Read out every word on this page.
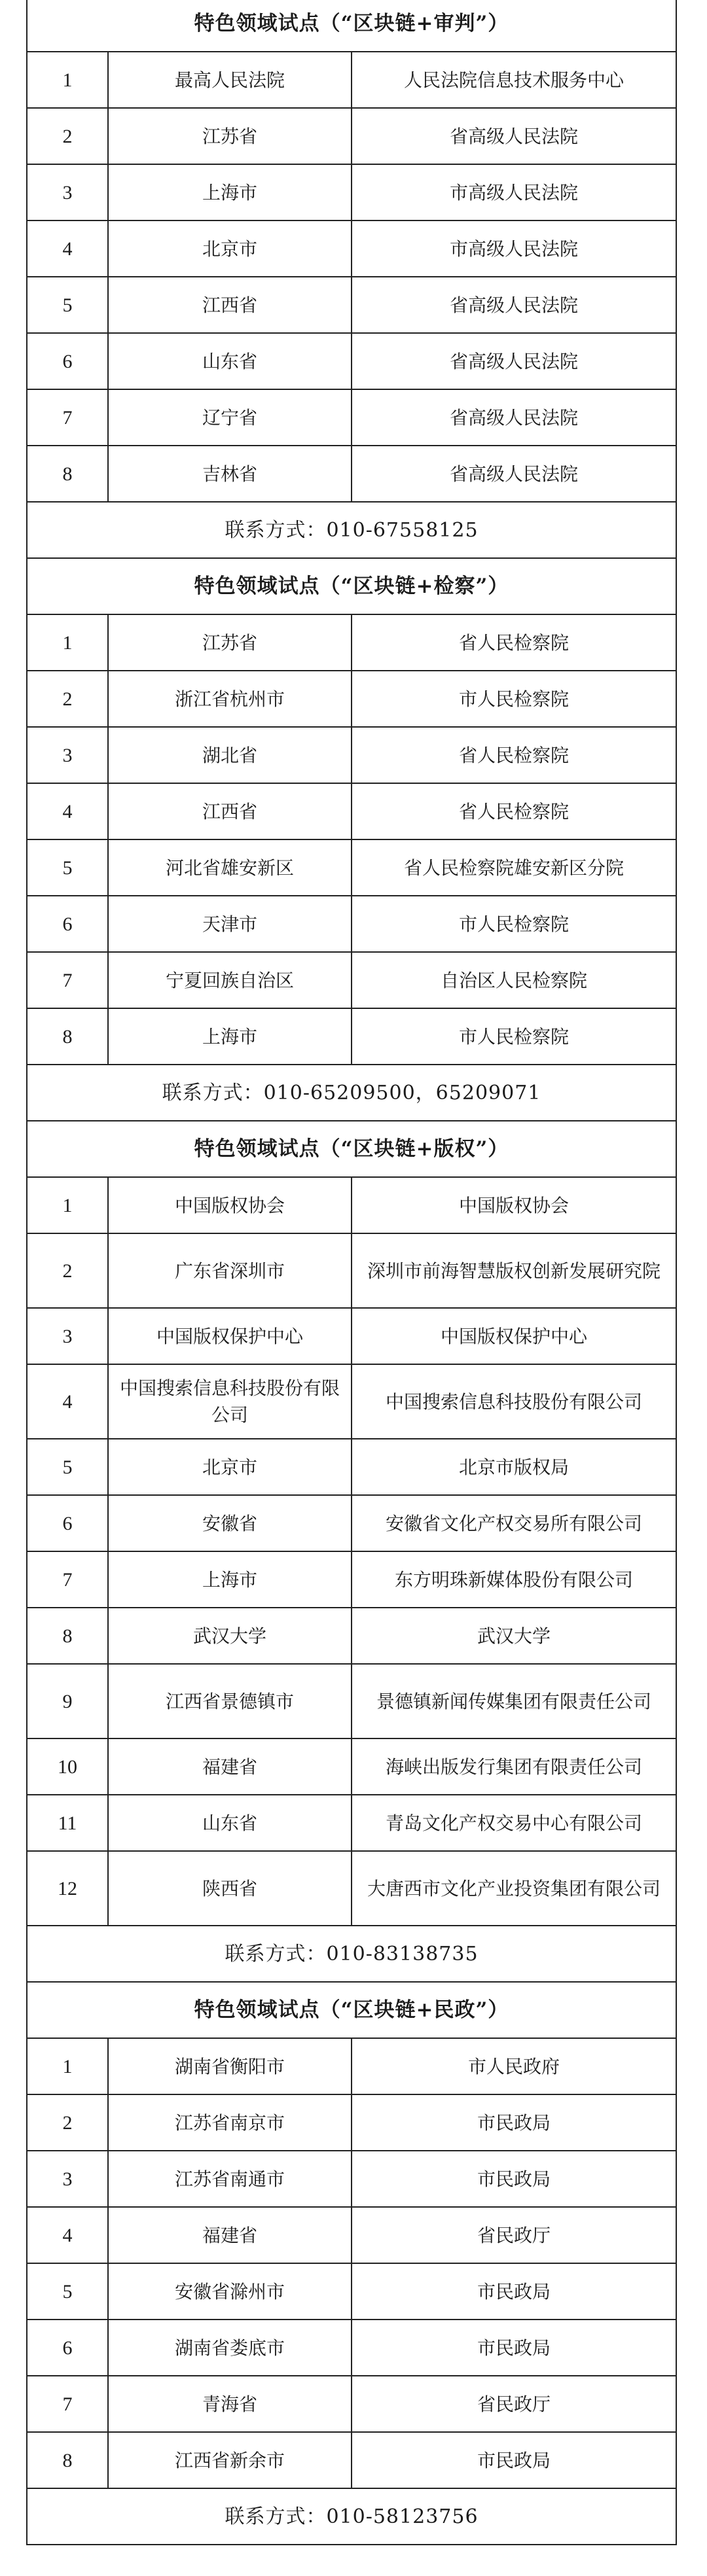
特色领域试点（“区块链+审判”）		
1	最高人民法院	人民法院信息技术服务中心
2	江苏省	省高级人民法院
3	上海市	市高级人民法院
4	北京市	市高级人民法院
5	江西省	省高级人民法院
6	山东省	省高级人民法院
7	辽宁省	省高级人民法院
8	吉林省	省高级人民法院
联系方式：010-67558125		
特色领域试点（“区块链+检察”）		
1	江苏省	省人民检察院
2	浙江省杭州市	市人民检察院
3	湖北省	省人民检察院
4	江西省	省人民检察院
5	河北省雄安新区	省人民检察院雄安新区分院
6	天津市	市人民检察院
7	宁夏回族自治区	自治区人民检察院
8	上海市	市人民检察院
联系方式：010-65209500，65209071		
特色领域试点（“区块链+版权”）		
1	中国版权协会	中国版权协会
2	广东省深圳市	深圳市前海智慧版权创新发展研究院
3	中国版权保护中心	中国版权保护中心
4	中国搜索信息科技股份有限公司	中国搜索信息科技股份有限公司
5	北京市	北京市版权局
6	安徽省	安徽省文化产权交易所有限公司
7	上海市	东方明珠新媒体股份有限公司
8	武汉大学	武汉大学
9	江西省景德镇市	景德镇新闻传媒集团有限责任公司
10	福建省	海峡出版发行集团有限责任公司
11	山东省	青岛文化产权交易中心有限公司
12	陕西省	大唐西市文化产业投资集团有限公司
联系方式：010-83138735		
特色领域试点（“区块链+民政”）		
1	湖南省衡阳市	市人民政府
2	江苏省南京市	市民政局
3	江苏省南通市	市民政局
4	福建省	省民政厅
5	安徽省滁州市	市民政局
6	湖南省娄底市	市民政局
7	青海省	省民政厅
8	江西省新余市	市民政局
联系方式：010-58123756		
